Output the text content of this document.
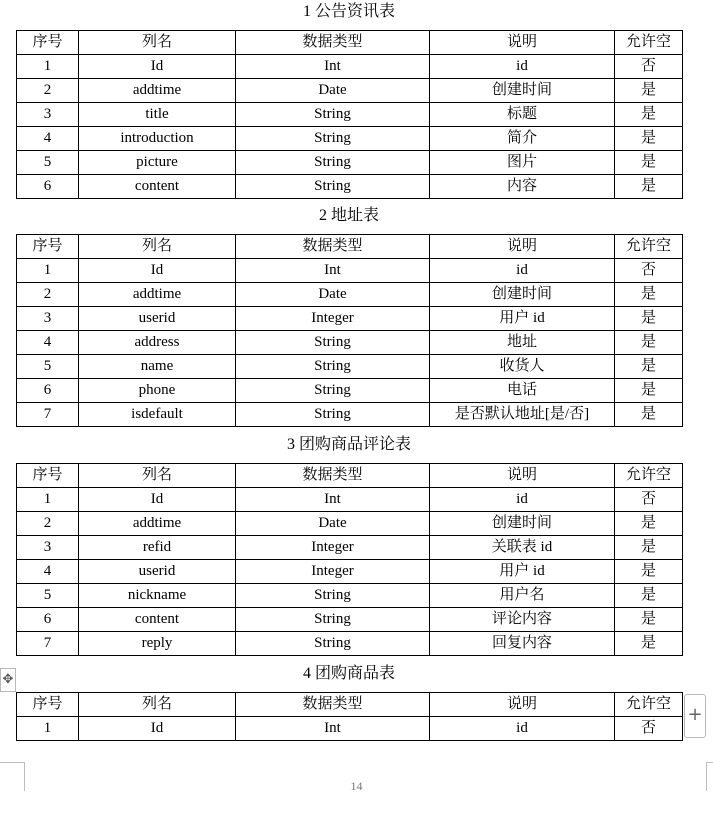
1 公告资讯表
序号	列名	数据类型	说明	允许空
1	Id	Int	id	否
2	addtime	Date	创建时间	是
3	title	String	标题	是
4	introduction	String	简介	是
5	picture	String	图片	是
6	content	String	内容	是
2 地址表
序号	列名	数据类型	说明	允许空
1	Id	Int	id	否
2	addtime	Date	创建时间	是
3	userid	Integer	用户 id	是
4	address	String	地址	是
5	name	String	收货人	是
6	phone	String	电话	是
7	isdefault	String	是否默认地址[是/否]	是
3 团购商品评论表
序号	列名	数据类型	说明	允许空
1	Id	Int	id	否
2	addtime	Date	创建时间	是
3	refid	Integer	关联表 id	是
4	userid	Integer	用户 id	是
5	nickname	String	用户名	是
6	content	String	评论内容	是
7	reply	String	回复内容	是
4 团购商品表
序号	列名	数据类型	说明	允许空
1	Id	Int	id	否
✥
+
14
